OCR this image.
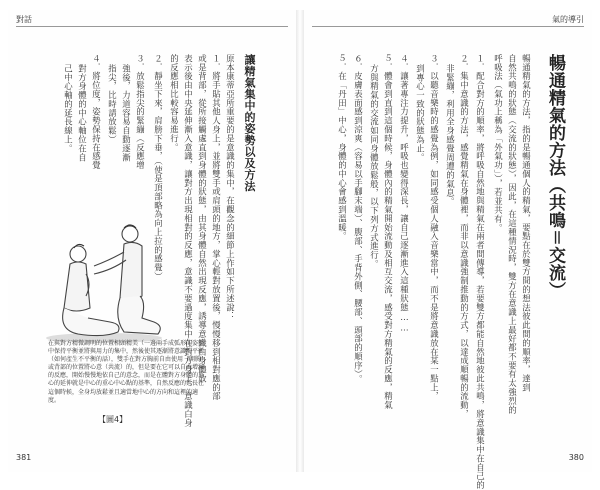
對話
讓精氣集中的姿勢以及方法
原本康蒂亞所重要的是意識的集中，在觀念的細節上作如下所述說：
１．將手貼其他人身上，並將雙手或肩頭的地方，掌心輕對放置後，慢慢移到相對應的部
或是背部，從所接觸處直到身體的狀態，由其身體自然出現反應，誘導意識白身體放
表示後由中央延伸漸入意識，讓對方出現相對的反應，意識不要過度集中在對方身上，意識白身
的反應相比較容易進行。
２．靜坐下來，肩膀下垂，（使是頂部略為向上拉的感覺）
３．放鬆指尖的緊繃（反應增
強後，力道容易自動逐漸
指尖，比時請放鬆）
４．將位度，姿勢保持在感覺
對方身體的中心軸位在自
己中心軸的延長線上。
在與對方精微調明的位置相頭精美（一邊兩手成弧形的姿勢中保持平衡並將與用力的集中，然後使其逐漸將意識的平衡（如何產生不平衡的話），雙手在對方胸前自由使用（開胸）或背部的位置將心意（共流）的，但是要在它可以自由增減的反應，開始慢慢地依自己的意念，而是在體對方身體的重心的延伸就是中心的重心中心點的基準，自然反應的延長在這個時候，全身均放鬆並且適當地中心的方向和這裡的適度。
【圖4】
381
氣的導引
暢通精氣的方法（共鳴＝交流）
暢通精氣的方法，指的是暢通個人的精氣，要點在於雙方間的想法彼此間的順率，達到
自然共鳴的狀態（交流的狀態），因此，在這種情況時，雙方在意識上最好都不要有太強烈的
呼吸法（氣功上稱為「外氣功」），若並共有。
１．配合對方的順率，將呼吸自然地與精氣在兩者間傳導，若要雙方都能自然地彼此共鳴，將意識集中在自己的
２．集中意識的方法，感覺精氣在身體裡，而非以意識強制推動的方式，以達成順暢的流動，
非緊繃，利用全身感覺周遭的氣息。
３．以聽音樂時的感覺為例，如同感受個人融入音樂當中，而不是將意識放在某一點上，
到專心一致的狀態為止。
４．讓著專注力提升，呼吸也變得深長，讓自己逐漸進入這種狀態……
５．體會到直到這個時候，身體內的精氣開始流動及相互交流，感受對方精氣的反應，精氣
方與精氣的交流如同身體放鬆般，以下列方式進行。
６．皮膚表面感到涼爽（容易以手腳末端）、腹部、手背外側、腰部、頭部的順序）。
５．在「丹田」中心，身體的中心會感到溫暖。
380
